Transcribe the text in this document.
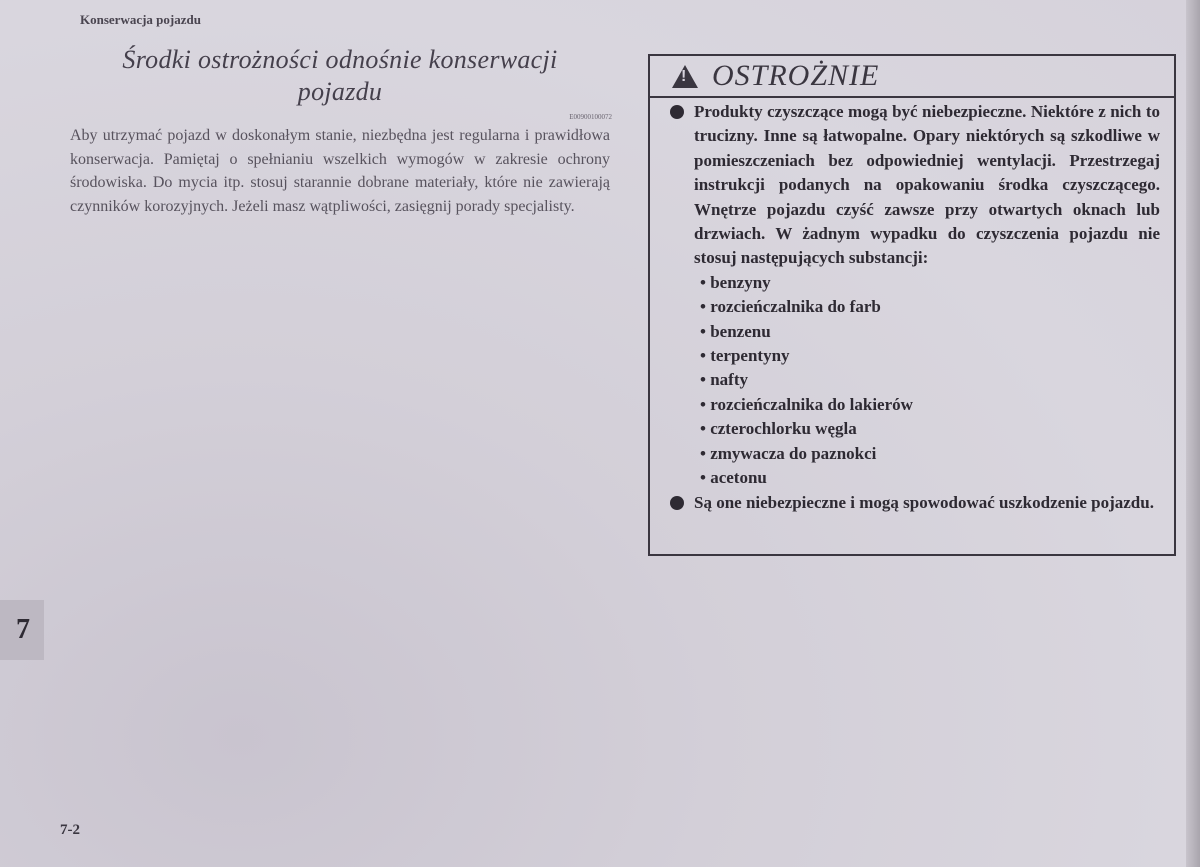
Konserwacja pojazdu
Środki ostrożności odnośnie konserwacji
pojazdu
E00900100072
Aby utrzymać pojazd w doskonałym stanie, niezbędna jest regularna i prawidłowa konserwacja. Pamiętaj o spełnianiu wszelkich wymogów w zakresie ochrony środowiska. Do mycia itp. stosuj starannie dobrane materiały, które nie zawierają czynników korozyjnych. Jeżeli masz wątpliwości, zasięgnij porady specjalisty.
!
OSTROŻNIE
Produkty czyszczące mogą być niebezpieczne. Niektóre z nich to trucizny. Inne są łatwopalne. Opary niektórych są szkodliwe w pomieszczeniach bez odpowiedniej wentylacji. Przestrzegaj instrukcji podanych na opakowaniu środka czyszczącego. Wnętrze pojazdu czyść zawsze przy otwartych oknach lub drzwiach. W żadnym wypadku do czyszczenia pojazdu nie stosuj następujących substancji:
• benzyny
• rozcieńczalnika do farb
• benzenu
• terpentyny
• nafty
• rozcieńczalnika do lakierów
• czterochlorku węgla
• zmywacza do paznokci
• acetonu
Są one niebezpieczne i mogą spowodować uszkodzenie pojazdu.
7
7-2
